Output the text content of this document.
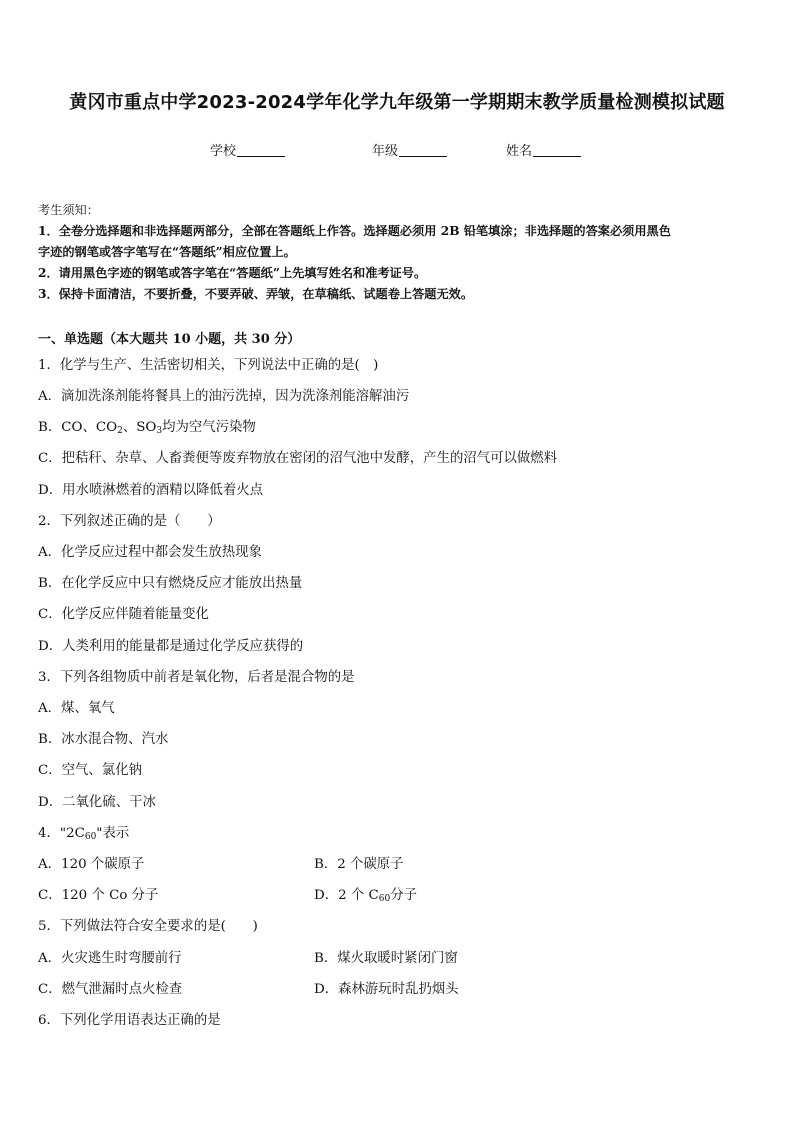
黄冈市重点中学2023-2024学年化学九年级第一学期期末教学质量检测模拟试题
学校	年级	姓名
考生须知：
1．全卷分选择题和非选择题两部分，全部在答题纸上作答。选择题必须用 2B 铅笔填涂；非选择题的答案必须用黑色
字迹的钢笔或答字笔写在“答题纸”相应位置上。
2．请用黑色字迹的钢笔或答字笔在“答题纸”上先填写姓名和准考证号。
3．保持卡面清洁，不要折叠，不要弄破、弄皱，在草稿纸、试题卷上答题无效。
一、单选题（本大题共 10 小题，共 30 分）
1．化学与生产、生活密切相关，下列说法中正确的是(　)
A．滴加洗涤剂能将餐具上的油污洗掉，因为洗涤剂能溶解油污
B．CO、$CO_2$、$SO_3$均为空气污染物
C．把秸秆、杂草、人畜粪便等废弃物放在密闭的沼气池中发酵，产生的沼气可以做燃料
D．用水喷淋燃着的酒精以降低着火点
2．下列叙述正确的是（　　）
A．化学反应过程中都会发生放热现象
B．在化学反应中只有燃烧反应才能放出热量
C．化学反应伴随着能量变化
D．人类利用的能量都是通过化学反应获得的
3．下列各组物质中前者是氧化物，后者是混合物的是
A．煤、氧气
B．冰水混合物、汽水
C．空气、氯化钠
D．二氧化硫、干冰
4．"$2C_{60}$"表示
A．120 个碳原子	B．2 个碳原子
C．120 个 Co 分子	D．2 个 $C_{60}$分子
5．下列做法符合安全要求的是(　　)
A．火灾逃生时弯腰前行	B．煤火取暖时紧闭门窗
C．燃气泄漏时点火检查	D．森林游玩时乱扔烟头
6．下列化学用语表达正确的是
